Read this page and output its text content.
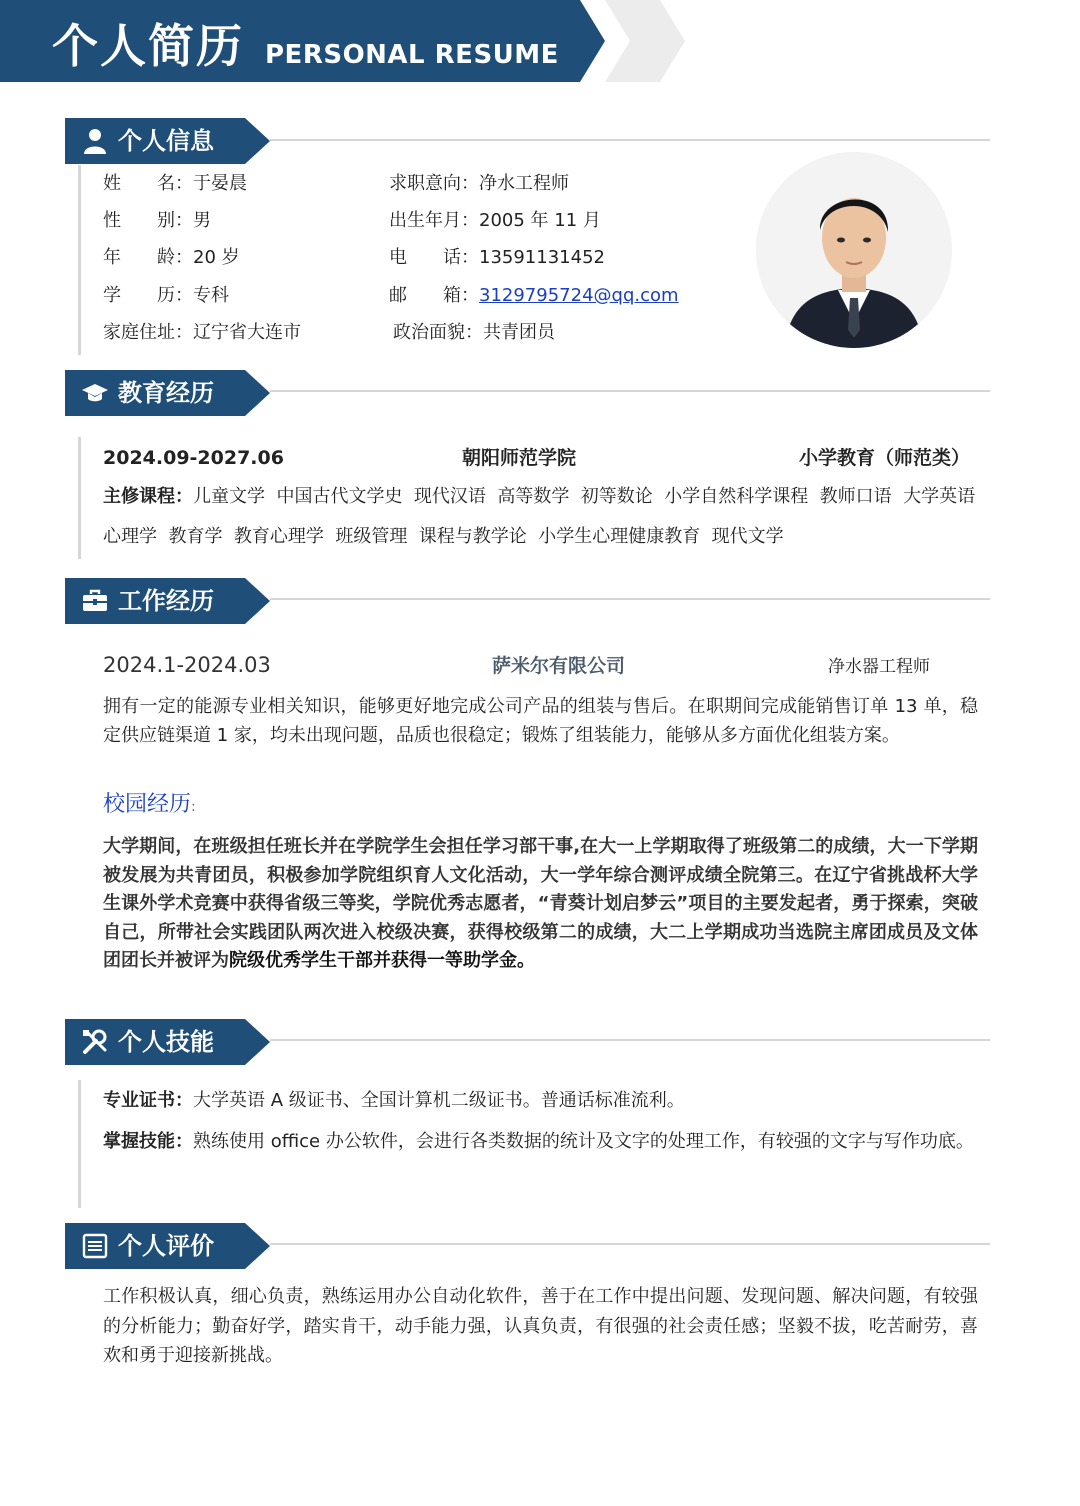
个人简历 PERSONAL RESUME
个人信息
姓　　名：于晏晨
性　　别：男
年　　龄：20 岁
学　　历：专科
家庭住址：辽宁省大连市
求职意向：净水工程师
出生年月：2005 年 11 月
电　　话：13591131452
邮　　箱：3129795724@qq.com
政治面貌：共青团员
教育经历
2024.09-2027.06	朝阳师范学院	小学教育（师范类）
主修课程：儿童文学  中国古代文学史  现代汉语  高等数学  初等数论  小学自然科学课程  教师口语  大学英语
心理学  教育学  教育心理学  班级管理  课程与教学论  小学生心理健康教育  现代文学
工作经历
2024.1-2024.03	萨米尔有限公司	净水器工程师
拥有一定的能源专业相关知识，能够更好地完成公司产品的组装与售后。在职期间完成能销售订单 13 单，稳定供应链渠道 1 家，均未出现问题，品质也很稳定；锻炼了组装能力，能够从多方面优化组装方案。
校园经历:
大学期间，在班级担任班长并在学院学生会担任学习部干事,在大一上学期取得了班级第二的成绩，大一下学期被发展为共青团员，积极参加学院组织育人文化活动，大一学年综合测评成绩全院第三。在辽宁省挑战杯大学生课外学术竞赛中获得省级三等奖，学院优秀志愿者，“青葵计划启梦云”项目的主要发起者，勇于探索，突破自己，所带社会实践团队两次进入校级决赛，获得校级第二的成绩，大二上学期成功当选院主席团成员及文体团团长并被评为院级优秀学生干部并获得一等助学金。
个人技能
专业证书：大学英语 A 级证书、全国计算机二级证书。普通话标准流利。
掌握技能：熟练使用 office 办公软件，会进行各类数据的统计及文字的处理工作，有较强的文字与写作功底。
个人评价
工作积极认真，细心负责，熟练运用办公自动化软件，善于在工作中提出问题、发现问题、解决问题，有较强的分析能力；勤奋好学，踏实肯干，动手能力强，认真负责，有很强的社会责任感；坚毅不拔，吃苦耐劳，喜欢和勇于迎接新挑战。
